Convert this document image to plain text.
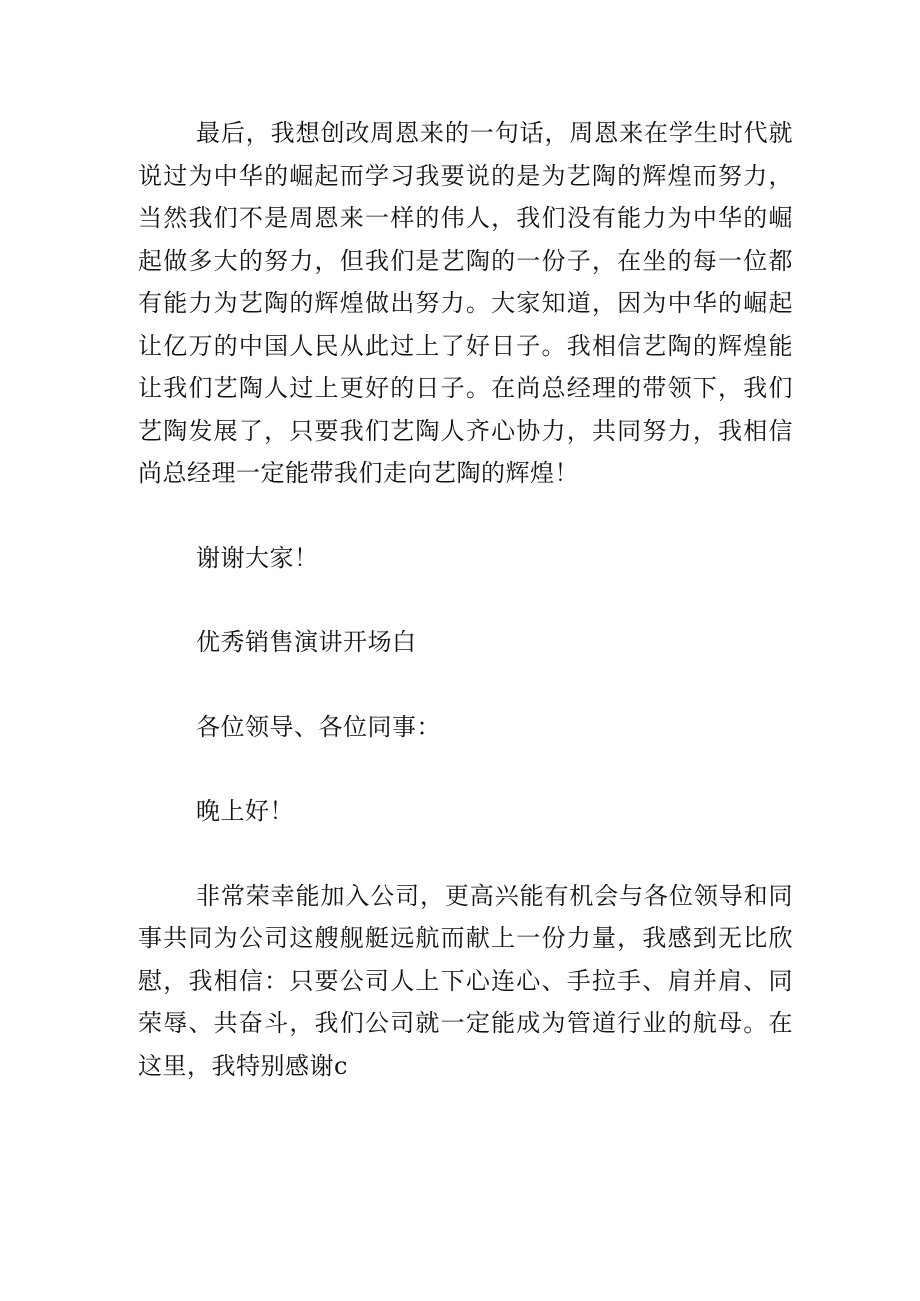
最后，我想创改周恩来的一句话，周恩来在学生时代就说过为中华的崛起而学习我要说的是为艺陶的辉煌而努力，当然我们不是周恩来一样的伟人，我们没有能力为中华的崛起做多大的努力，但我们是艺陶的一份子，在坐的每一位都有能力为艺陶的辉煌做出努力。大家知道，因为中华的崛起让亿万的中国人民从此过上了好日子。我相信艺陶的辉煌能让我们艺陶人过上更好的日子。在尚总经理的带领下，我们艺陶发展了，只要我们艺陶人齐心协力，共同努力，我相信尚总经理一定能带我们走向艺陶的辉煌！

谢谢大家！

优秀销售演讲开场白

各位领导、各位同事：

晚上好！

非常荣幸能加入公司，更高兴能有机会与各位领导和同事共同为公司这艘舰艇远航而献上一份力量，我感到无比欣慰，我相信：只要公司人上下心连心、手拉手、肩并肩、同荣辱、共奋斗，我们公司就一定能成为管道行业的航母。在这里，我特别感谢c
